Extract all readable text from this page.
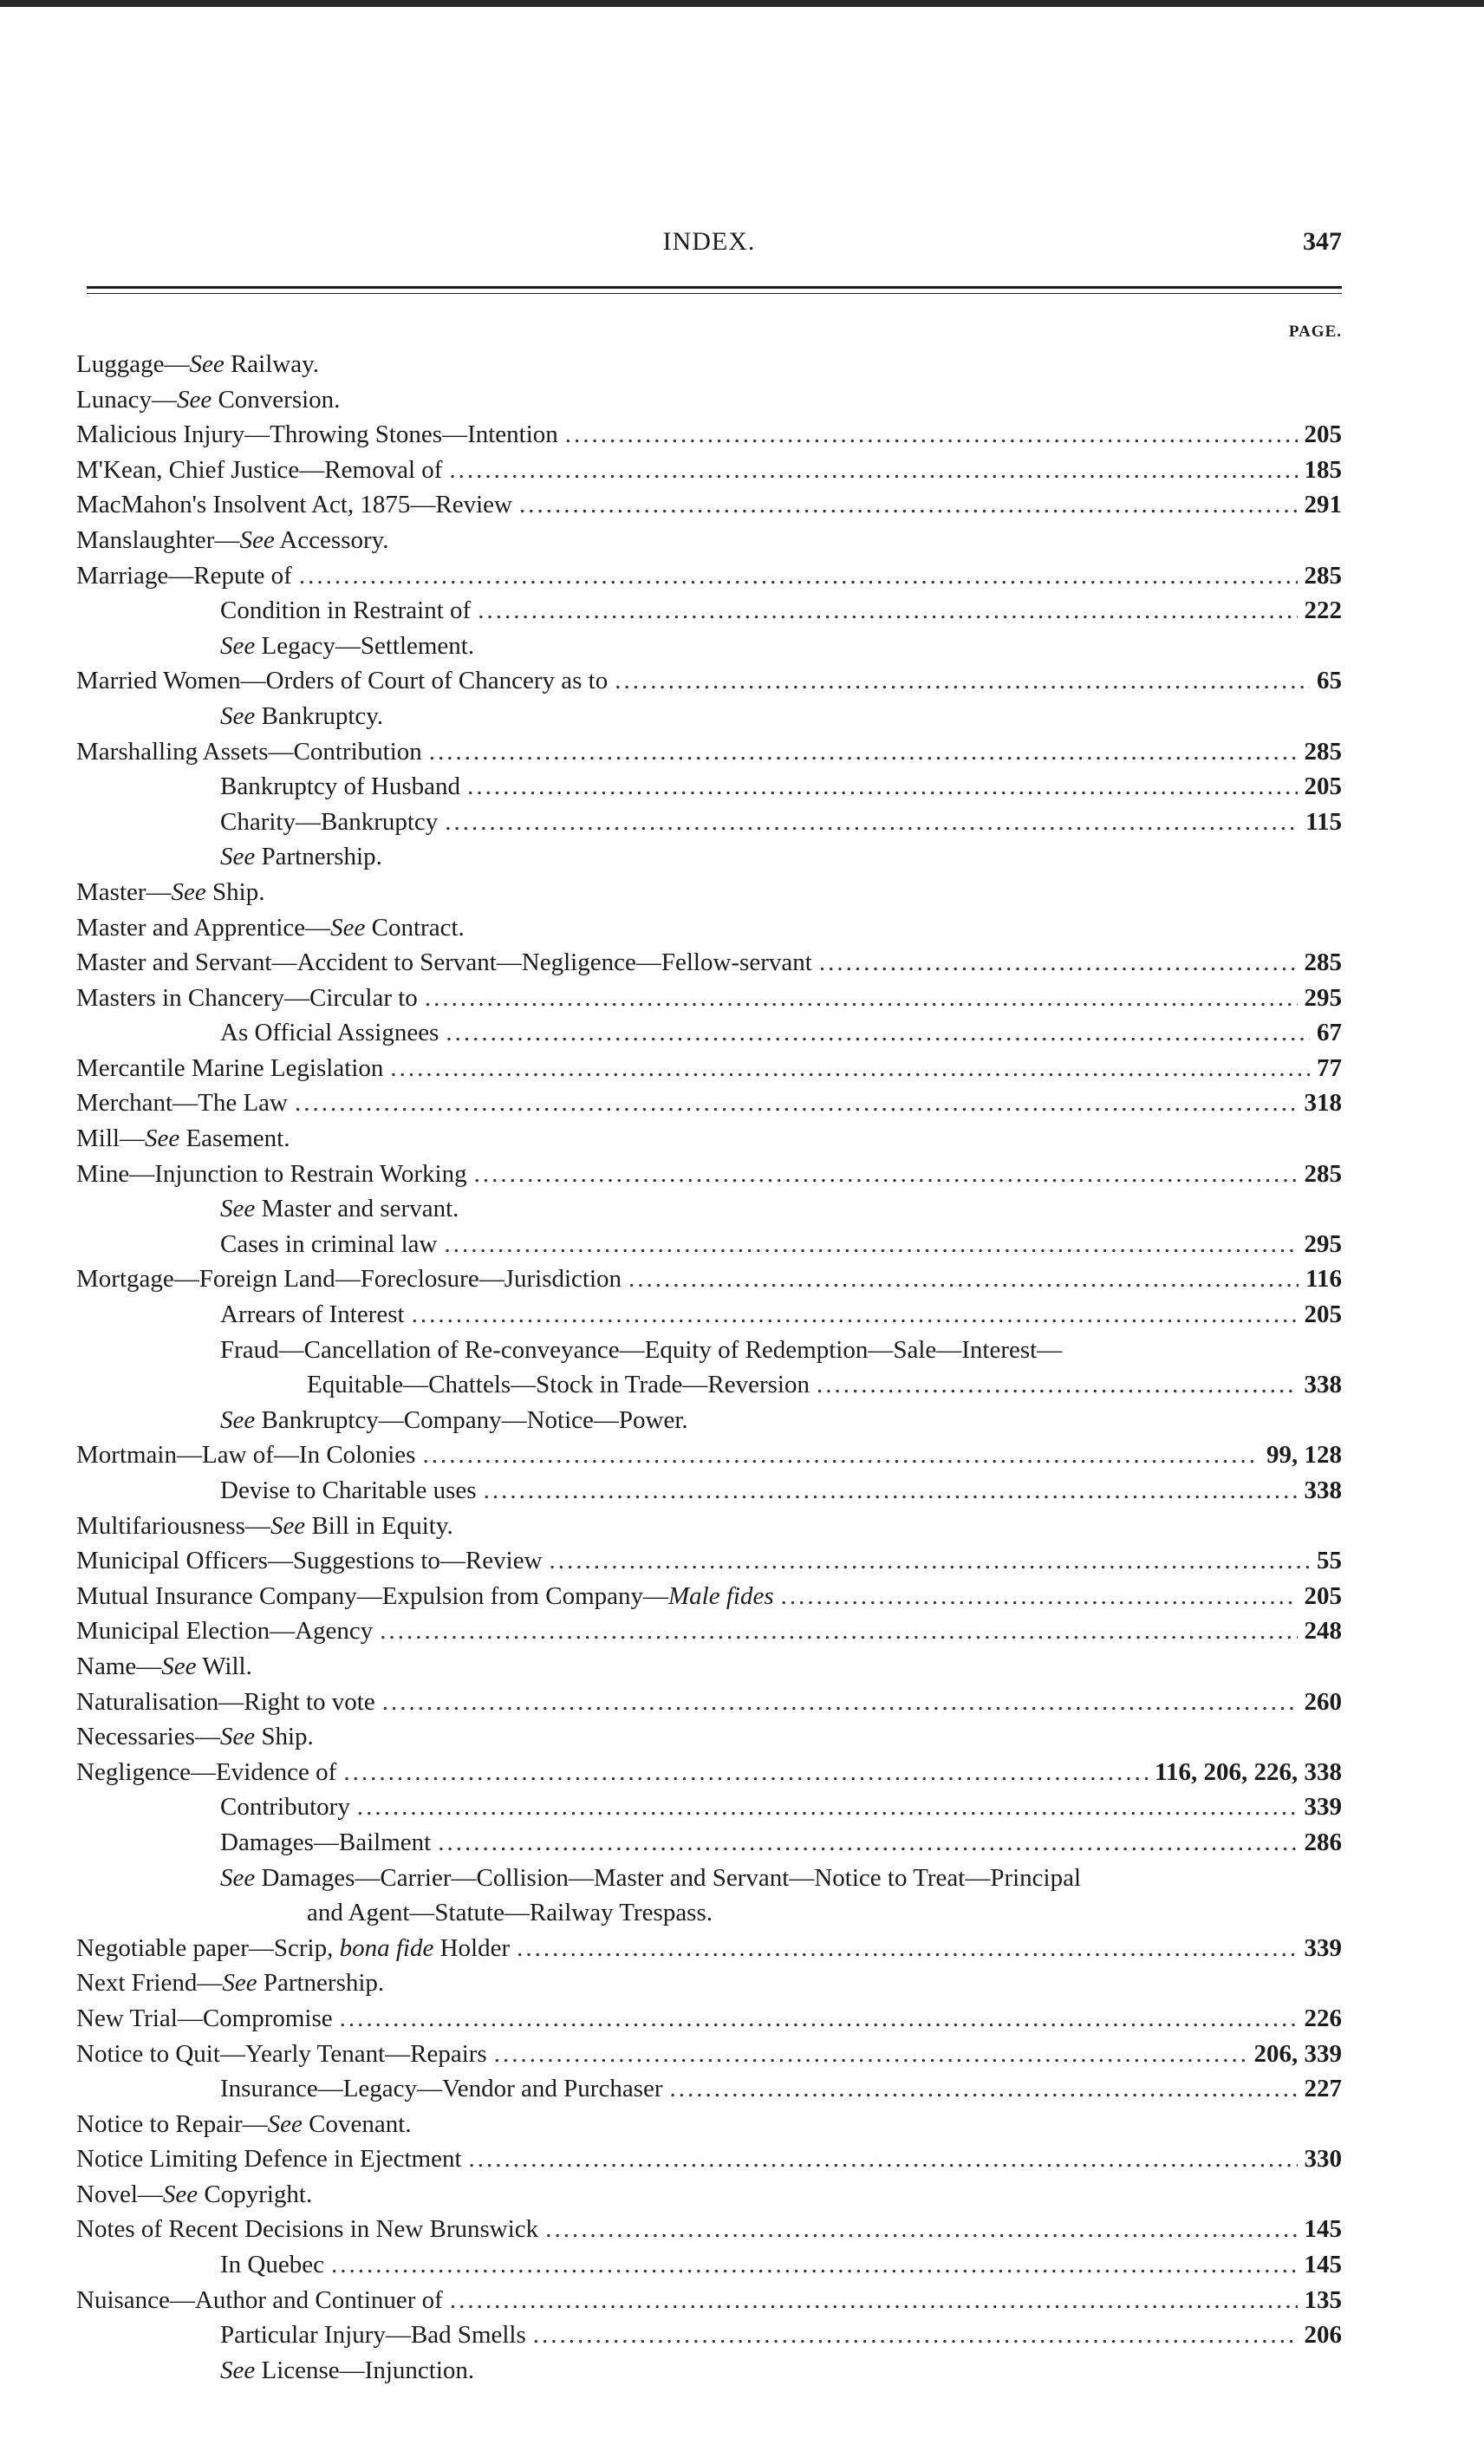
INDEX.	347
PAGE.
Luggage—See Railway.
Lunacy—See Conversion.
Malicious Injury—Throwing Stones—Intention .....	205
M'Kean, Chief Justice—Removal of .....	185
MacMahon's Insolvent Act, 1875—Review .....	291
Manslaughter—See Accessory.
Marriage—Repute of .....	285
Condition in Restraint of .....	222
See Legacy—Settlement.
Married Women—Orders of Court of Chancery as to .....	65
See Bankruptcy.
Marshalling Assets—Contribution .....	285
Bankruptcy of Husband .....	205
Charity—Bankruptcy .....	115
See Partnership.
Master—See Ship.
Master and Apprentice—See Contract.
Master and Servant—Accident to Servant—Negligence—Fellow-servant .....	285
Masters in Chancery—Circular to .....	295
As Official Assignees .....	67
Mercantile Marine Legislation .....	77
Merchant—The Law .....	318
Mill—See Easement.
Mine—Injunction to Restrain Working .....	285
See Master and servant.
Cases in criminal law .....	295
Mortgage—Foreign Land—Foreclosure—Jurisdiction .....	116
Arrears of Interest .....	205
Fraud—Cancellation of Re-conveyance—Equity of Redemption—Sale—Interest—
Equitable—Chattels—Stock in Trade—Reversion .....	338
See Bankruptcy—Company—Notice—Power.
Mortmain—Law of—In Colonies .....	99, 128
Devise to Charitable uses .....	338
Multifariousness—See Bill in Equity.
Municipal Officers—Suggestions to—Review .....	55
Mutual Insurance Company—Expulsion from Company—Male fides .....	205
Municipal Election—Agency .....	248
Name—See Will.
Naturalisation—Right to vote .....	260
Necessaries—See Ship.
Negligence—Evidence of .....	116, 206, 226, 338
Contributory .....	339
Damages—Bailment .....	286
See Damages—Carrier—Collision—Master and Servant—Notice to Treat—Principal
and Agent—Statute—Railway Trespass.
Negotiable paper—Scrip, bona fide Holder .....	339
Next Friend—See Partnership.
New Trial—Compromise .....	226
Notice to Quit—Yearly Tenant—Repairs .....	206, 339
Insurance—Legacy—Vendor and Purchaser .....	227
Notice to Repair—See Covenant.
Notice Limiting Defence in Ejectment .....	330
Novel—See Copyright.
Notes of Recent Decisions in New Brunswick .....	145
In Quebec .....	145
Nuisance—Author and Continuer of .....	135
Particular Injury—Bad Smells .....	206
See License—Injunction.
